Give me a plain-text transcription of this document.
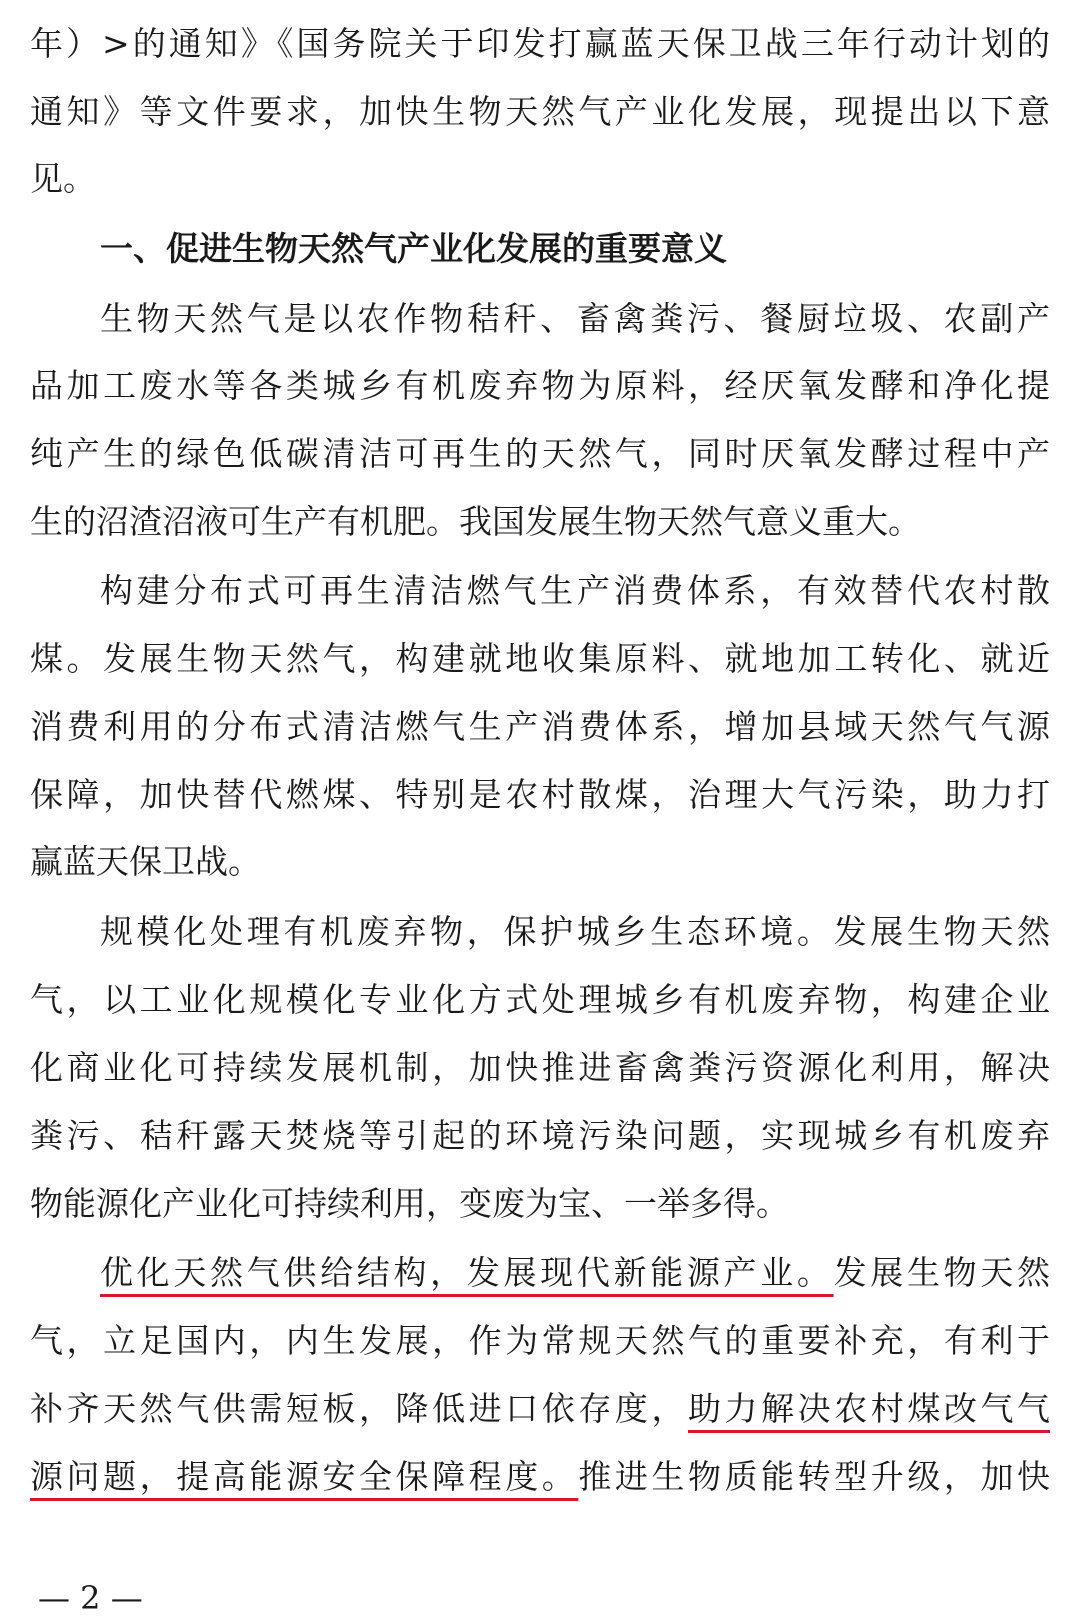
年）>的通知》《国务院关于印发打赢蓝天保卫战三年行动计划的
通知》等文件要求，加快生物天然气产业化发展，现提出以下意
见。
一、促进生物天然气产业化发展的重要意义
生物天然气是以农作物秸秆、畜禽粪污、餐厨垃圾、农副产
品加工废水等各类城乡有机废弃物为原料，经厌氧发酵和净化提
纯产生的绿色低碳清洁可再生的天然气，同时厌氧发酵过程中产
生的沼渣沼液可生产有机肥。我国发展生物天然气意义重大。
构建分布式可再生清洁燃气生产消费体系，有效替代农村散
煤。发展生物天然气，构建就地收集原料、就地加工转化、就近
消费利用的分布式清洁燃气生产消费体系，增加县域天然气气源
保障，加快替代燃煤、特别是农村散煤，治理大气污染，助力打
赢蓝天保卫战。
规模化处理有机废弃物，保护城乡生态环境。发展生物天然
气，以工业化规模化专业化方式处理城乡有机废弃物，构建企业
化商业化可持续发展机制，加快推进畜禽粪污资源化利用，解决
粪污、秸秆露天焚烧等引起的环境污染问题，实现城乡有机废弃
物能源化产业化可持续利用，变废为宝、一举多得。
优化天然气供给结构，发展现代新能源产业。发展生物天然
气，立足国内，内生发展，作为常规天然气的重要补充，有利于
补齐天然气供需短板，降低进口依存度，助力解决农村煤改气气
源问题，提高能源安全保障程度。推进生物质能转型升级，加快
— 2 —
